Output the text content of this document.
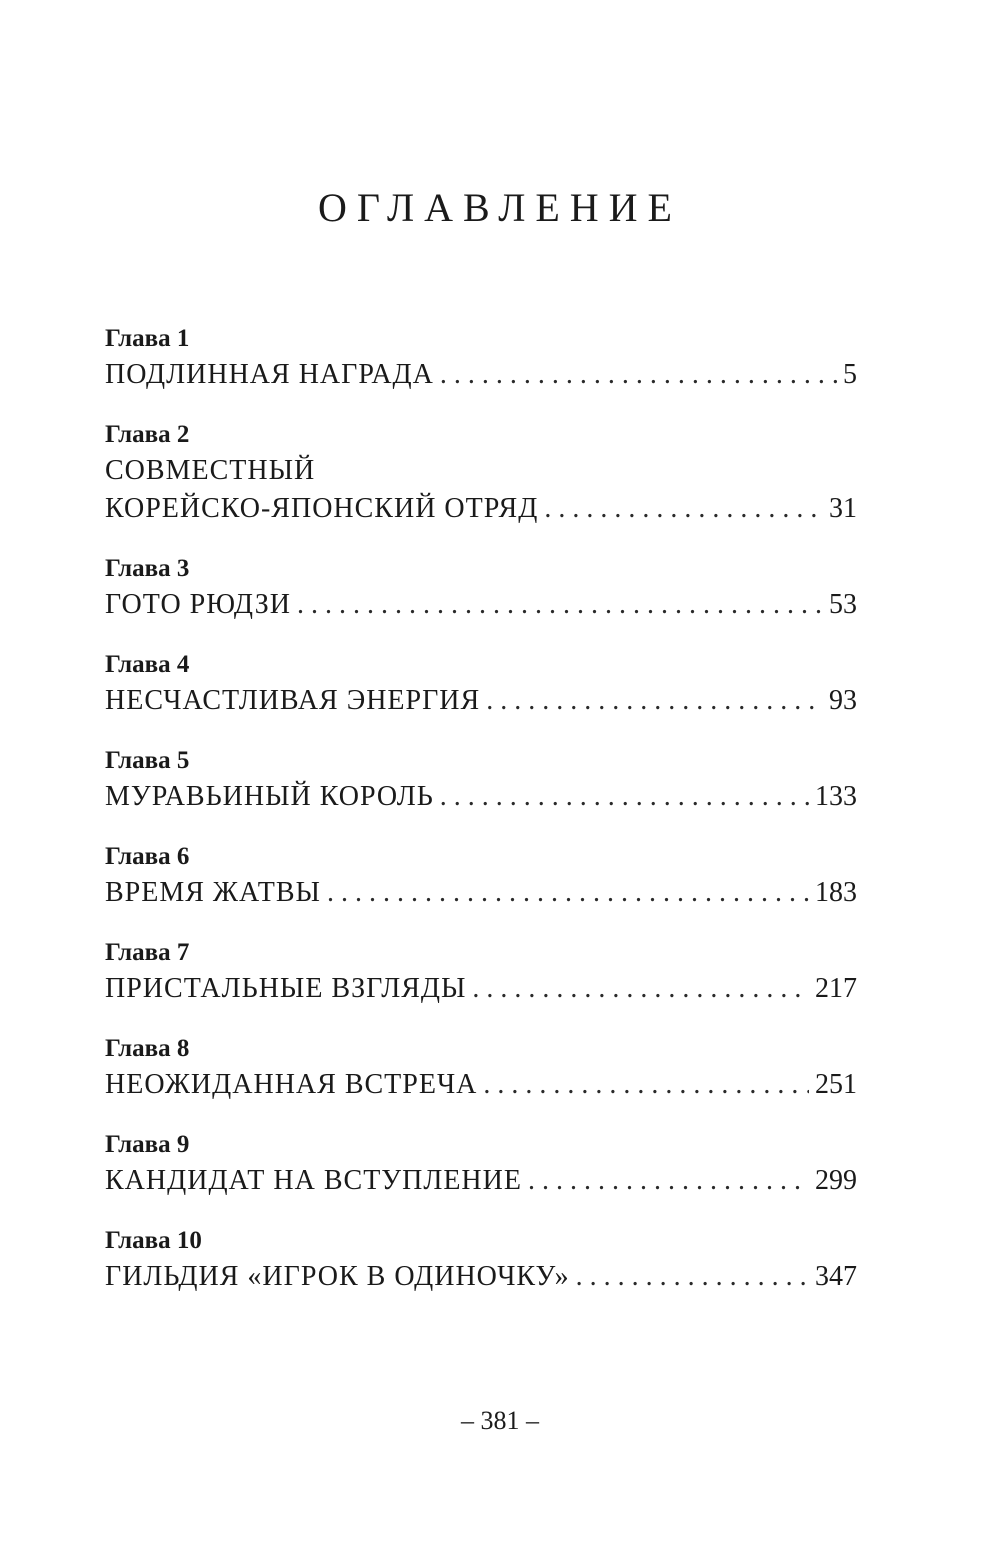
ОГЛАВЛЕНИЕ
Глава 1
ПОДЛИННАЯ НАГРАДА . . .	5
Глава 2
СОВМЕСТНЫЙ
КОРЕЙСКО-ЯПОНСКИЙ ОТРЯД . . .	31
Глава 3
ГОТО РЮДЗИ . . .	53
Глава 4
НЕСЧАСТЛИВАЯ ЭНЕРГИЯ . . .	93
Глава 5
МУРАВЬИНЫЙ КОРОЛЬ . . .	133
Глава 6
ВРЕМЯ ЖАТВЫ . . .	183
Глава 7
ПРИСТАЛЬНЫЕ ВЗГЛЯДЫ . . .	217
Глава 8
НЕОЖИДАННАЯ ВСТРЕЧА . . .	251
Глава 9
КАНДИДАТ НА ВСТУПЛЕНИЕ . . .	299
Глава 10
ГИЛЬДИЯ «ИГРОК В ОДИНОЧКУ» . . .	347
– 381 –
